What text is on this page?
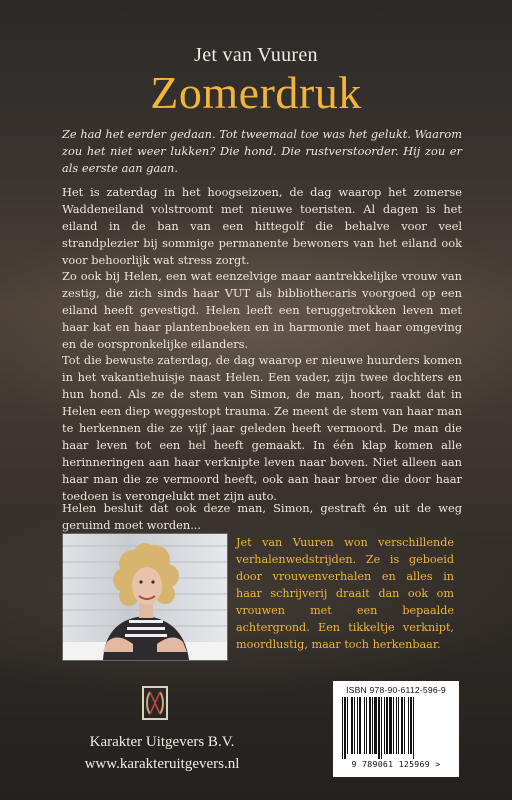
Jet van Vuuren
Zomerdruk

Ze had het eerder gedaan. Tot tweemaal toe was het gelukt. Waarom zou het niet weer lukken? Die hond. Die rustverstoorder. Hij zou er als eerste aan gaan.

Het is zaterdag in het hoogseizoen, de dag waarop het zomerse Waddeneiland volstroomt met nieuwe toeristen. Al dagen is het eiland in de ban van een hittegolf die behalve voor veel strandplezier bij sommige permanente bewoners van het eiland ook voor behoorlijk wat stress zorgt.

Zo ook bij Helen, een wat eenzelvige maar aantrekkelijke vrouw van zestig, die zich sinds haar VUT als bibliothecaris voorgoed op een eiland heeft gevestigd. Helen leeft een teruggetrokken leven met haar kat en haar plantenboeken en in harmonie met haar omgeving en de oorspronkelijke eilanders.

Tot die bewuste zaterdag, de dag waarop er nieuwe huurders komen in het vakantiehuisje naast Helen. Een vader, zijn twee dochters en hun hond. Als ze de stem van Simon, de man, hoort, raakt dat in Helen een diep weggestopt trauma. Ze meent de stem van haar man te herkennen die ze vijf jaar geleden heeft vermoord. De man die haar leven tot een hel heeft gemaakt. In één klap komen alle herinneringen aan haar verknipte leven naar boven. Niet alleen aan haar man die ze vermoord heeft, ook aan haar broer die door haar toedoen is verongelukt met zijn auto.

Helen besluit dat ook deze man, Simon, gestraft én uit de weg geruimd moet worden...

Jet van Vuuren won verschillende verhalenwedstrijden. Ze is geboeid door vrouwenverhalen en alles in haar schrijverij draait dan ook om vrouwen met een bepaalde achtergrond. Een tikkeltje verknipt, moordlustig, maar toch herkenbaar.

Karakter Uitgevers B.V.
www.karakteruitgevers.nl
ISBN 978-90-6112-596-9
9 789061 125969 >
